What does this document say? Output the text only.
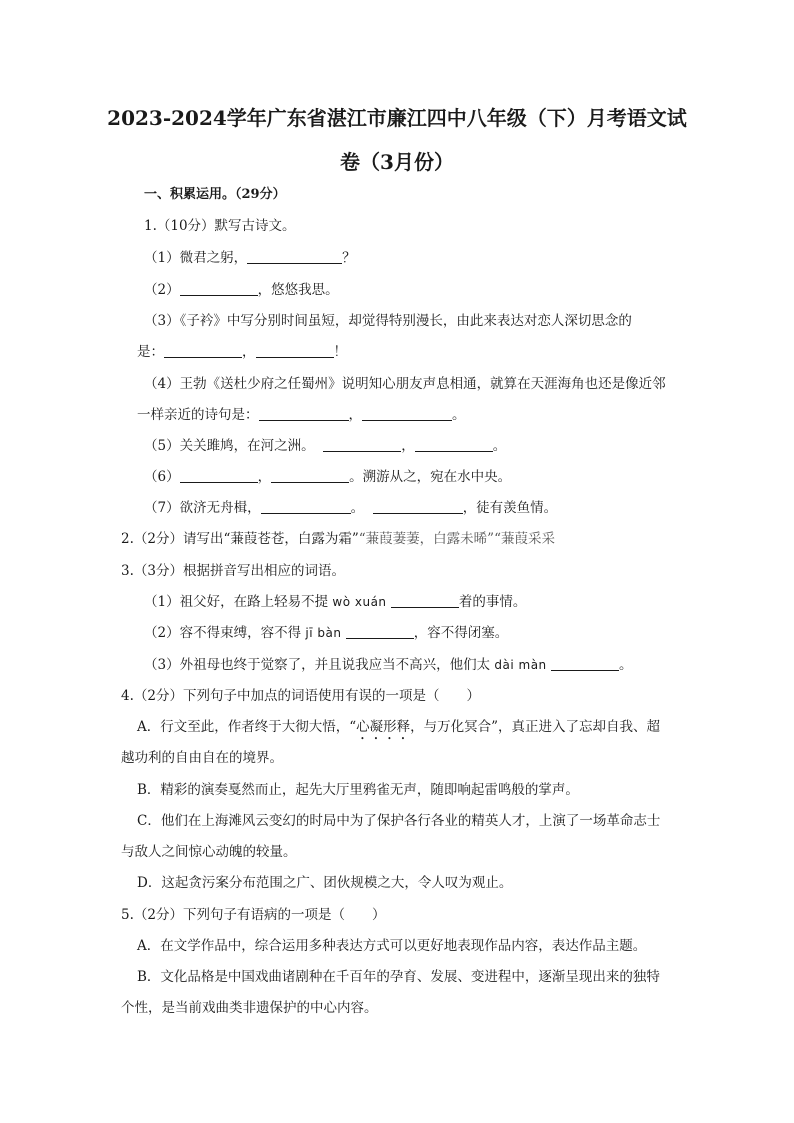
2023-2024学年广东省湛江市廉江四中八年级（下）月考语文试
卷（3月份）
一、积累运用。（29分）
1.（10分）默写古诗文。
（1）微君之躬，	？
（2）	，悠悠我思。
（3）《子衿》中写分别时间虽短，却觉得特别漫长，由此来表达对恋人深切思念的
是：	，	！
（4）王勃《送杜少府之任蜀州》说明知心朋友声息相通，就算在天涯海角也还是像近邻
一样亲近的诗句是：	，	。
（5）关关雎鸠，在河之洲。	，	。
（6）	，	。溯游从之，宛在水中央。
（7）欲济无舟楫，	。	，徒有羡鱼情。
2.（2分）请写出“蒹葭苍苍，白露为霜”“蒹葭萋萋，白露未晞”“蒹葭采采
3.（3分）根据拼音写出相应的词语。
（1）祖父好，在路上轻易不提 wò xuán	着的事情。
（2）容不得束缚，容不得 jī bàn	，容不得闭塞。
（3）外祖母也终于觉察了，并且说我应当不高兴，他们太 dài màn	。
4.（2分）下列句子中加点的词语使用有误的一项是（　　）
A．行文至此，作者终于大彻大悟，“心凝形释，与万化冥合”，真正进入了忘却自我、超
越功利的自由自在的境界。
B．精彩的演奏戛然而止，起先大厅里鸦雀无声，随即响起雷鸣般的掌声。
C．他们在上海滩风云变幻的时局中为了保护各行各业的精英人才，上演了一场革命志士
与敌人之间惊心动魄的较量。
D．这起贪污案分布范围之广、团伙规模之大，令人叹为观止。
5.（2分）下列句子有语病的一项是（　　）
A．在文学作品中，综合运用多种表达方式可以更好地表现作品内容，表达作品主题。
B．文化品格是中国戏曲诸剧种在千百年的孕育、发展、变进程中，逐渐呈现出来的独特
个性，是当前戏曲类非遗保护的中心内容。
